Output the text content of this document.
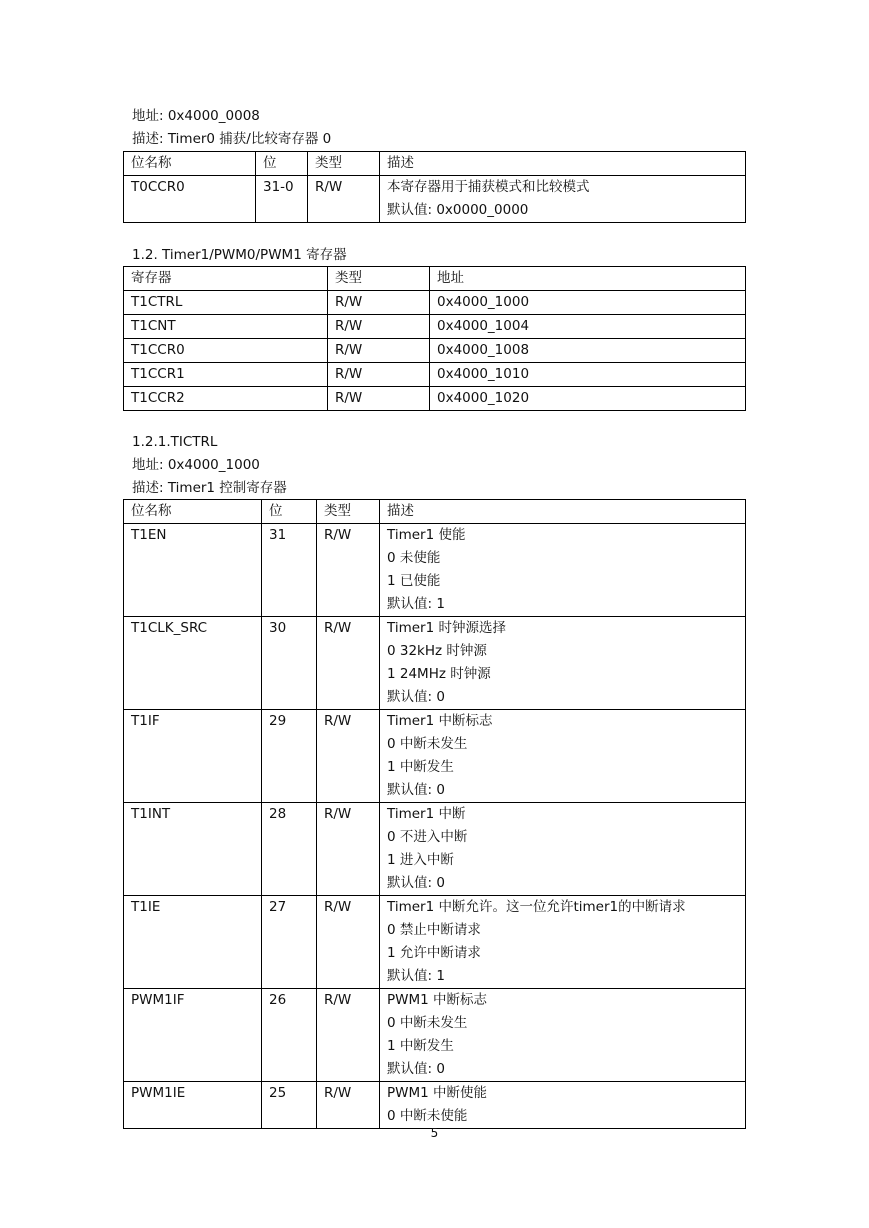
地址: 0x4000_0008
描述: Timer0 捕获/比较寄存器 0
位名称	位	类型	描述
T0CCR0	31-0	R/W	本寄存器用于捕获模式和比较模式
默认值: 0x0000_0000
1.2. Timer1/PWM0/PWM1 寄存器
寄存器	类型	地址
T1CTRL	R/W	0x4000_1000
T1CNT	R/W	0x4000_1004
T1CCR0	R/W	0x4000_1008
T1CCR1	R/W	0x4000_1010
T1CCR2	R/W	0x4000_1020
1.2.1.TICTRL
地址: 0x4000_1000
描述: Timer1 控制寄存器
位名称	位	类型	描述
T1EN	31	R/W	Timer1 使能
0 未使能
1 已使能
默认值: 1

T1CLK_SRC	30	R/W	Timer1 时钟源选择
0 32kHz 时钟源
1 24MHz 时钟源
默认值: 0

T1IF	29	R/W	Timer1 中断标志
0 中断未发生
1 中断发生
默认值: 0

T1INT	28	R/W	Timer1 中断
0 不进入中断
1 进入中断
默认值: 0

T1IE	27	R/W	Timer1 中断允许。这一位允许timer1的中断请求
0 禁止中断请求
1 允许中断请求
默认值: 1

PWM1IF	26	R/W	PWM1 中断标志
0 中断未发生
1 中断发生
默认值: 0

PWM1IE	25	R/W	PWM1 中断使能
0 中断未使能
5
